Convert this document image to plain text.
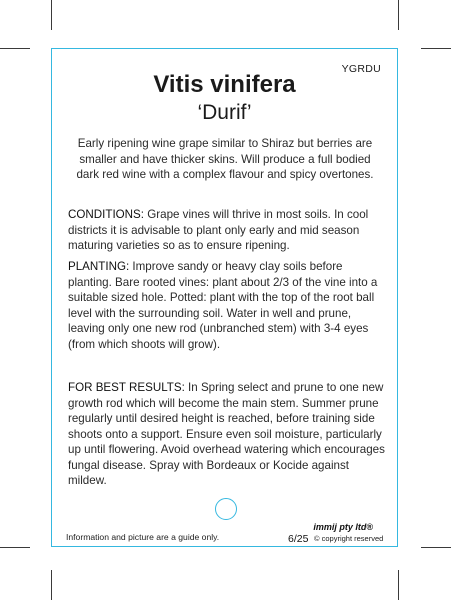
YGRDU
Vitis vinifera
‘Durif’
Early ripening wine grape similar to Shiraz but berries are smaller and have thicker skins. Will produce a full bodied dark red wine with a complex flavour and spicy overtones.
CONDITIONS: Grape vines will thrive in most soils. In cool districts it is advisable to plant only early and mid season maturing varieties so as to ensure ripening.
PLANTING: Improve sandy or heavy clay soils before planting. Bare rooted vines: plant about 2/3 of the vine into a suitable sized hole. Potted: plant with the top of the root ball level with the surrounding soil. Water in well and prune, leaving only one new rod (unbranched stem) with 3-4 eyes (from which shoots will grow).
FOR BEST RESULTS: In Spring select and prune to one new growth rod which will become the main stem. Summer prune regularly until desired height is reached, before training side shoots onto a support. Ensure even soil moisture, particularly up until flowering. Avoid overhead watering which encourages fungal disease. Spray with Bordeaux or Kocide against mildew.
Information and picture are a guide only.
immij pty ltd®
6/25 © copyright reserved
